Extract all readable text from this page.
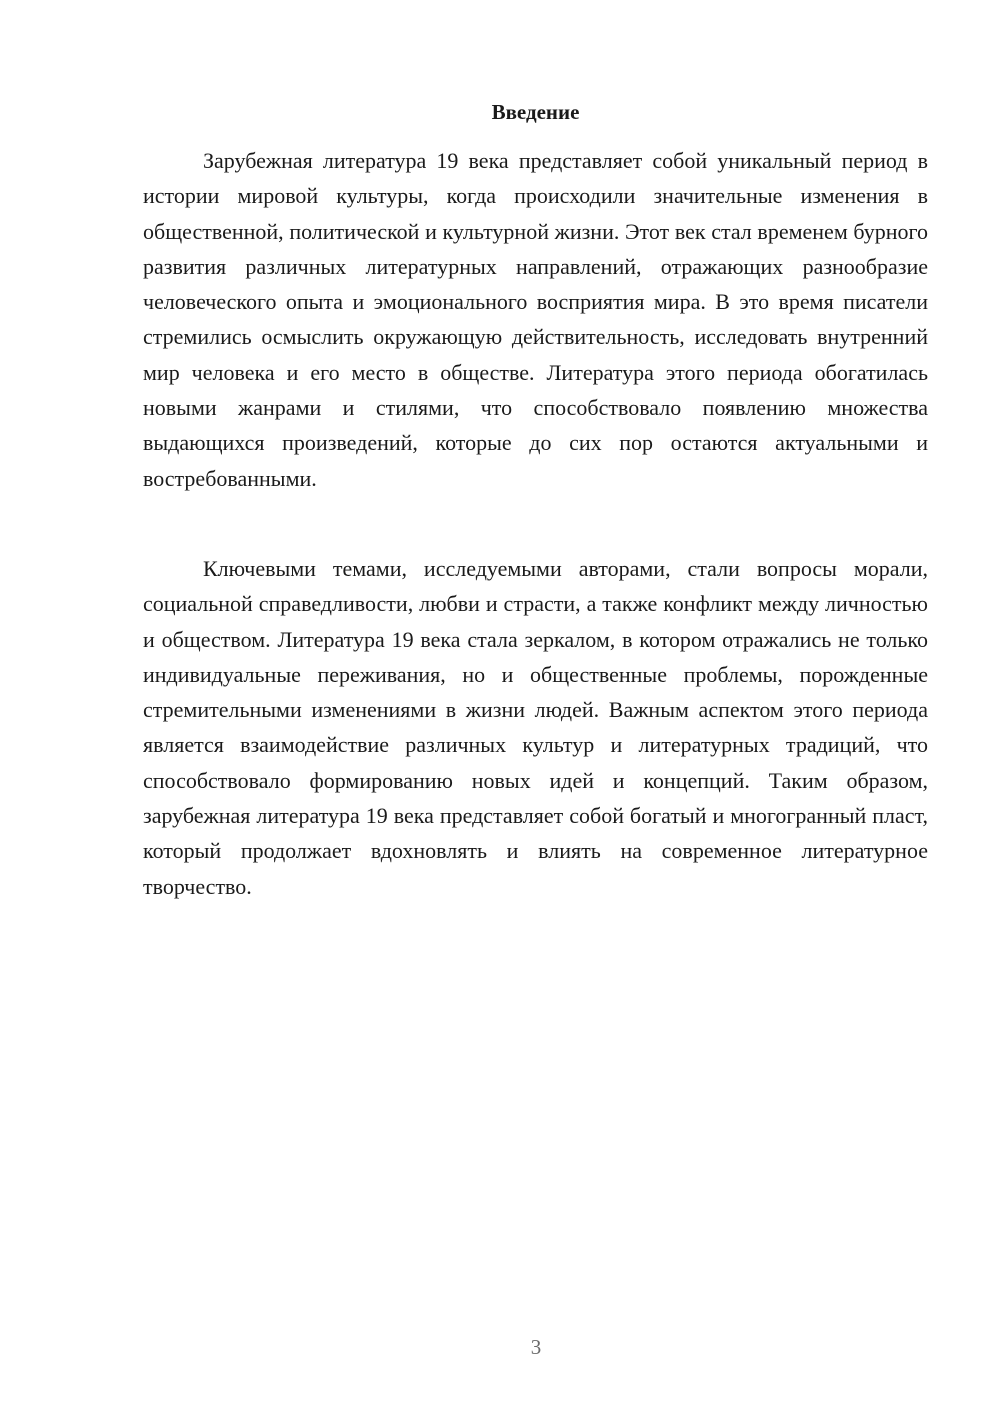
Введение

Зарубежная литература 19 века представляет собой уникальный период в истории мировой культуры, когда происходили значительные изменения в общественной, политической и культурной жизни. Этот век стал временем бурного развития различных литературных направлений, отражающих разнообразие человеческого опыта и эмоционального восприятия мира. В это время писатели стремились осмыслить окружающую действительность, исследовать внутренний мир человека и его место в обществе. Литература этого периода обогатилась новыми жанрами и стилями, что способствовало появлению множества выдающихся произведений, которые до сих пор остаются актуальными и востребованными.

Ключевыми темами, исследуемыми авторами, стали вопросы морали, социальной справедливости, любви и страсти, а также конфликт между личностью и обществом. Литература 19 века стала зеркалом, в котором отражались не только индивидуальные переживания, но и общественные проблемы, порожденные стремительными изменениями в жизни людей. Важным аспектом этого периода является взаимодействие различных культур и литературных традиций, что способствовало формированию новых идей и концепций. Таким образом, зарубежная литература 19 века представляет собой богатый и многогранный пласт, который продолжает вдохновлять и влиять на современное литературное творчество.

3
